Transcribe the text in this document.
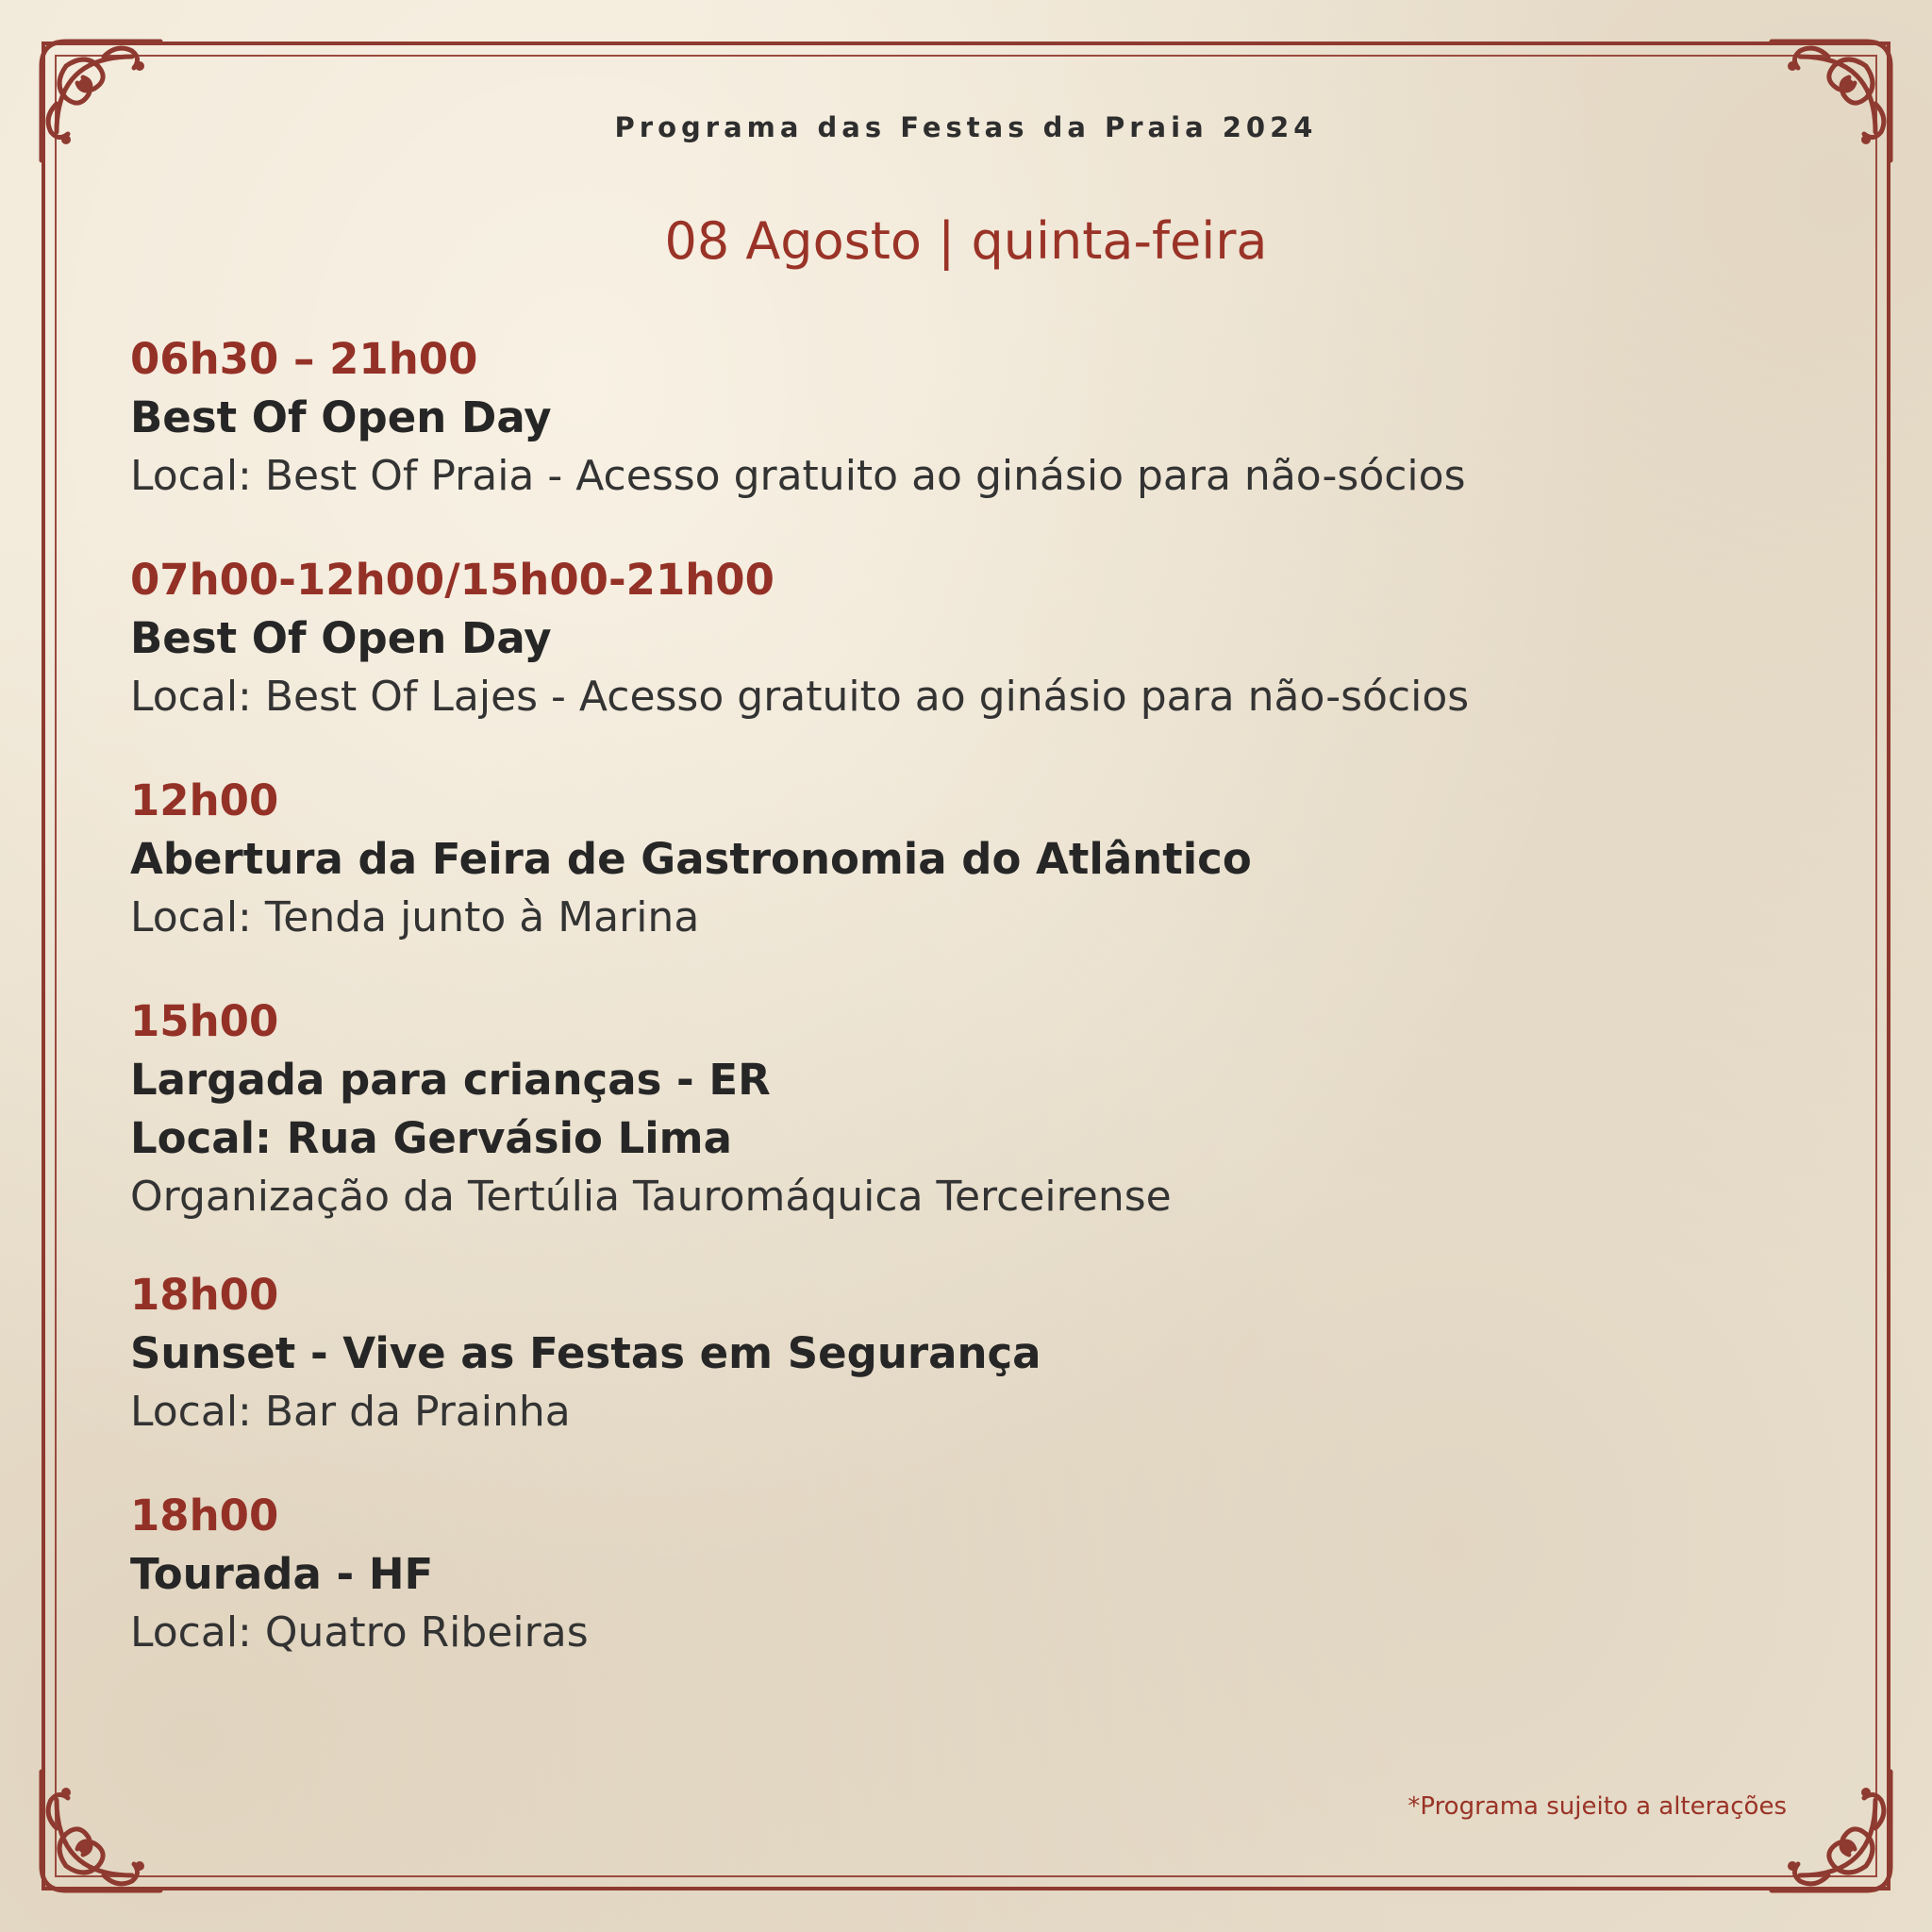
Programa das Festas da Praia 2024
08 Agosto | quinta-feira
06h30 – 21h00
Best Of Open Day
Local: Best Of Praia - Acesso gratuito ao ginásio para não-sócios
07h00-12h00/15h00-21h00
Best Of Open Day
Local: Best Of Lajes - Acesso gratuito ao ginásio para não-sócios
12h00
Abertura da Feira de Gastronomia do Atlântico
Local: Tenda junto à Marina
15h00
Largada para crianças - ER
Local: Rua Gervásio Lima
Organização da Tertúlia Tauromáquica Terceirense
18h00
Sunset - Vive as Festas em Segurança
Local: Bar da Prainha
18h00
Tourada - HF
Local: Quatro Ribeiras
*Programa sujeito a alterações
